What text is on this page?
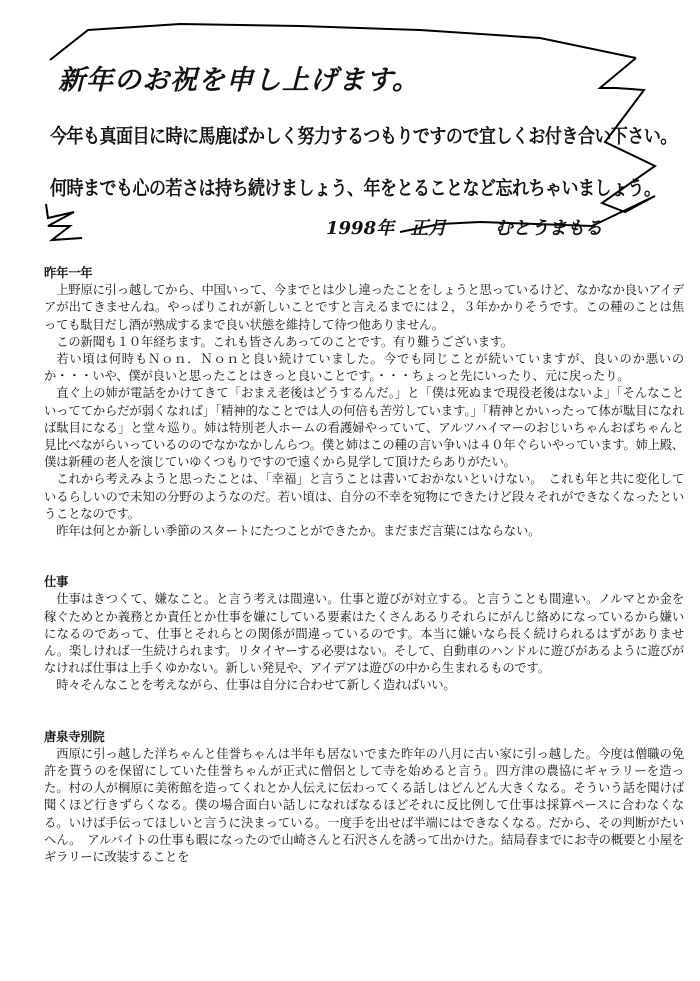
新年のお祝を申し上げます。
今年も真面目に時に馬鹿ばかしく努力するつもりですので宜しくお付き合い下さい。
何時までも心の若さは持ち続けましょう、年をとることなど忘れちゃいましょう。
1998年 正月	むとうまもる

昨年一年

上野原に引っ越してから、中国いって、今までとは少し違ったことをしょうと思っているけど、なかなか良いアイデアが出てきませんね。やっぱりこれが新しいことですと言えるまでには２，３年かかりそうです。この種のことは焦っても駄目だし酒が熟成するまで良い状態を維持して待つ他ありません。

この新聞も１０年経ちます。これも皆さんあってのことです。有り難うございます。

若い頃は何時もＮｏｎ．Ｎｏｎと良い続けていました。今でも同じことが続いていますが、良いのか悪いのか・・・いや、僕が良いと思ったことはきっと良いことです。・・・ちょっと先にいったり、元に戻ったり。

直ぐ上の姉が電話をかけてきて「おまえ老後はどうするんだ。」と「僕は死ぬまで現役老後はないよ」「そんなこといっててからだが弱くなれば」「精神的なことでは人の何倍も苦労しています。」「精神とかいったって体が駄目になれば駄目になる」と堂々巡り。姉は特別老人ホームの看護婦やっていて、アルツハイマーのおじいちゃんおばちゃんと見比べながらいっているののでなかなかしんらつ。僕と姉はこの種の言い争いは４０年ぐらいやっています。姉上殿、僕は新種の老人を演じていゆくつもりですので遠くから見学して頂けたらありがたい。

これから考えみようと思ったことは、「幸福」と言うことは書いておかないといけない。　これも年と共に変化しているらしいので未知の分野のようなのだ。若い頃は、自分の不幸を宛物にできたけど段々それができなくなったということなのです。

昨年は何とか新しい季節のスタートにたつことができたか。まだまだ言葉にはならない。

仕事

仕事はきつくて、嫌なこと。と言う考えは間違い。仕事と遊びが対立する。と言うことも間違い。ノルマとか金を稼ぐためとか義務とか責任とか仕事を嫌にしている要素はたくさんあるりそれらにがんじ絡めになっているから嫌いになるのであって、仕事とそれらとの関係が間違っているのです。本当に嫌いなら長く続けられるはずがありません。楽しければ一生続けられます。リタイヤーする必要はない。そして、自動車のハンドルに遊びがあるように遊びがなければ仕事は上手くゆかない。新しい発見や、アイデアは遊びの中から生まれるものです。

時々そんなことを考えながら、仕事は自分に合わせて新しく造ればいい。

唐泉寺別院

西原に引っ越した洋ちゃんと佳誉ちゃんは半年も居ないでまた昨年の八月に古い家に引っ越した。今度は僧職の免許を貰うのを保留にしていた佳誉ちゃんが正式に僧侶として寺を始めると言う。四方津の農協にギャラリーを造った。村の人が棡原に美術館を造ってくれとか人伝えに伝わってくる話しはどんどん大きくなる。そういう話を聞けば聞くほど行きずらくなる。僕の場合面白い話しになればなるほどそれに反比例して仕事は採算ペースに合わなくなる。いけば手伝ってほしいと言うに決まっている。一度手を出せば半端にはできなくなる。だから、その判断がたいへん。　アルバイトの仕事も暇になったので山崎さんと石沢さんを誘って出かけた。結局春までにお寺の概要と小屋をギラリーに改装することを
